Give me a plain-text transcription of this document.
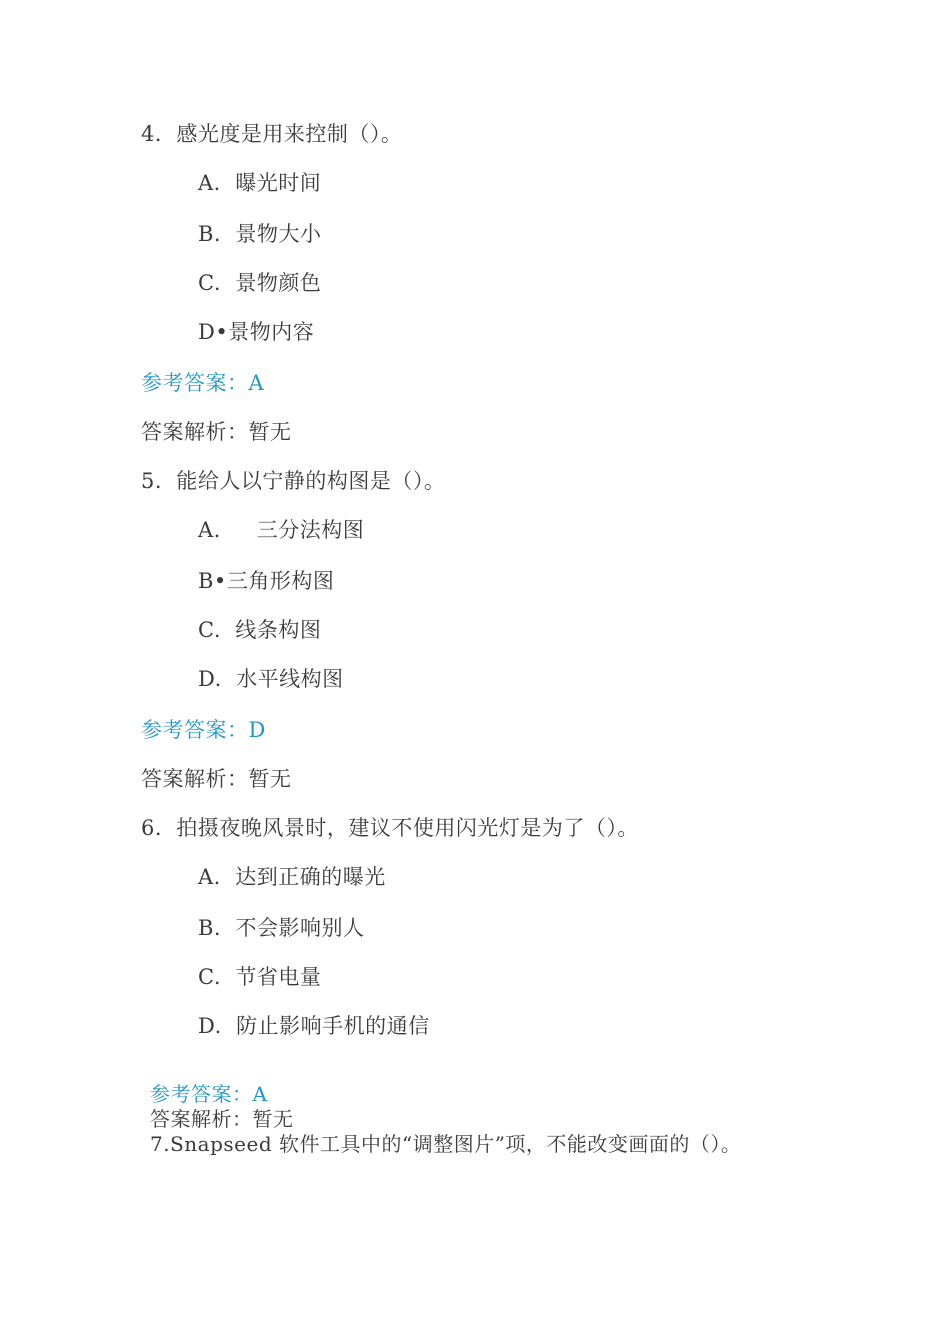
4．感光度是用来控制（）。
A.  曝光时间
B.  景物大小
C.  景物颜色
D•景物内容
参考答案：A
答案解析：暂无
5.  能给人以宁静的构图是（）。
A.     三分法构图
B•三角形构图
C.  线条构图
D.  水平线构图
参考答案：D
答案解析：暂无
6.  拍摄夜晚风景时，建议不使用闪光灯是为了（）。
A.  达到正确的曝光
B.  不会影响别人
C.  节省电量
D.  防止影响手机的通信
参考答案：A
答案解析：暂无
7.Snapseed 软件工具中的“调整图片”项，不能改变画面的（）。
